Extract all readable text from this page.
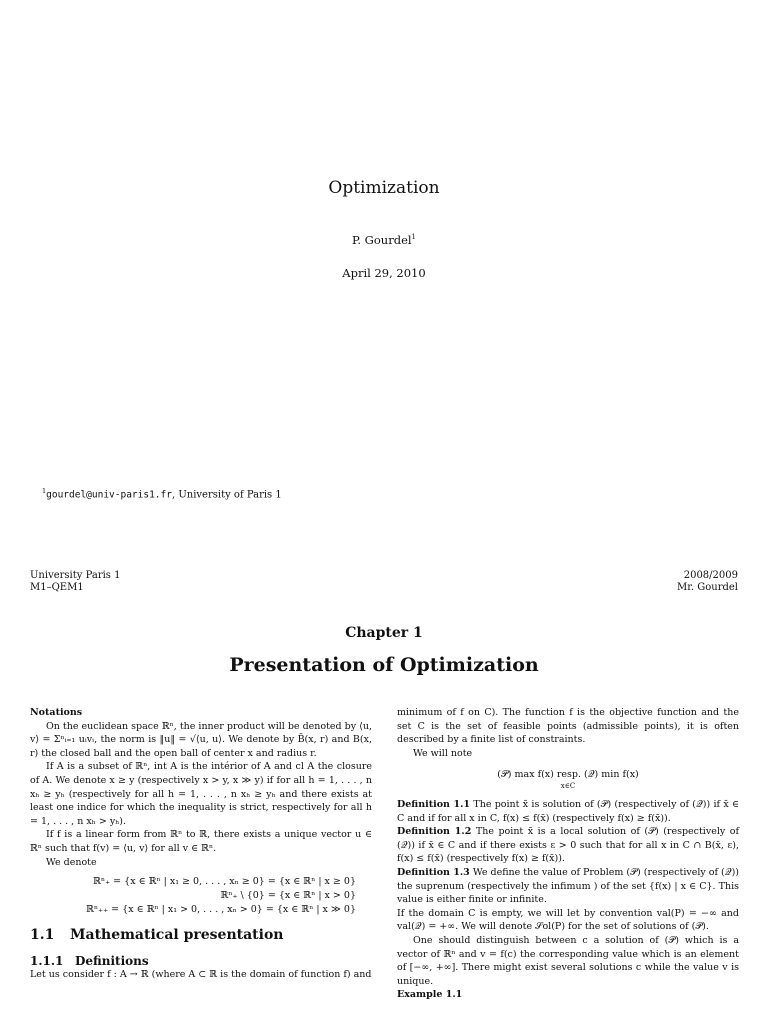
Optimization
P. Gourdel$^1$
April 29, 2010
$^1$gourdel@univ-paris1.fr, University of Paris 1
University Paris 1
M1–QEM1
2008/2009
Mr. Gourdel
Chapter 1
Presentation of Optimization

Notations

On the euclidean space ℝⁿ, the inner product will be denoted by ⟨u, v⟩ = Σⁿᵢ₌₁ uᵢvᵢ, the norm is ‖u‖ = √⟨u, u⟩. We denote by B̄(x, r) and B(x, r) the closed ball and the open ball of center x and radius r.

If A is a subset of ℝⁿ, int A is the intérior of A and cl A the closure of A. We denote x ≥ y (respectively x > y, x ≫ y) if for all h = 1, . . . , n xₕ ≥ yₕ (respectively for all h = 1, . . . , n xₕ ≥ yₕ and there exists at least one indice for which the inequality is strict, respectively for all h = 1, . . . , n xₕ > yₕ).

If f is a linear form from ℝⁿ to ℝ, there exists a unique vector u ∈ ℝⁿ such that f(v) = ⟨u, v⟩ for all v ∈ ℝⁿ.

We denote

ℝⁿ₊ = {x ∈ ℝⁿ | x₁ ≥ 0, . . . , xₙ ≥ 0} = {x ∈ ℝⁿ | x ≥ 0}
ℝⁿ₊ \ {0} = {x ∈ ℝⁿ | x > 0}
ℝⁿ₊₊ = {x ∈ ℝⁿ | x₁ > 0, . . . , xₙ > 0} = {x ∈ ℝⁿ | x ≫ 0}
1.1 Mathematical presentation
1.1.1 Definitions

Let us consider f : A → ℝ (where A ⊂ ℝ is the domain of function f) and

minimum of f on C). The function f is the objective function and the set C is the set of feasible points (admissible points), it is often described by a finite list of constraints.

We will note

(𝒫) max f(x) resp. (𝒬) min f(x)
x∈C

Definition 1.1 The point x̄ is solution of (𝒫) (respectively of (𝒬)) if x̄ ∈ C and if for all x in C, f(x) ≤ f(x̄) (respectively f(x) ≥ f(x̄)).

Definition 1.2 The point x̄ is a local solution of (𝒫) (respectively of (𝒬)) if x̄ ∈ C and if there exists ε > 0 such that for all x in C ∩ B(x̄, ε), f(x) ≤ f(x̄) (respectively f(x) ≥ f(x̄)).

Definition 1.3 We define the value of Problem (𝒫) (respectively of (𝒬)) the suprenum (respectively the infimum ) of the set {f(x) | x ∈ C}. This value is either finite or infinite.

If the domain C is empty, we will let by convention val(P) = −∞ and val(𝒬) = +∞. We will denote 𝒮ol(P) for the set of solutions of (𝒫).

One should distinguish between c a solution of (𝒫) which is a vector of ℝⁿ and v = f(c) the corresponding value which is an element of [−∞, +∞]. There might exist several solutions c while the value v is unique.

Example 1.1
